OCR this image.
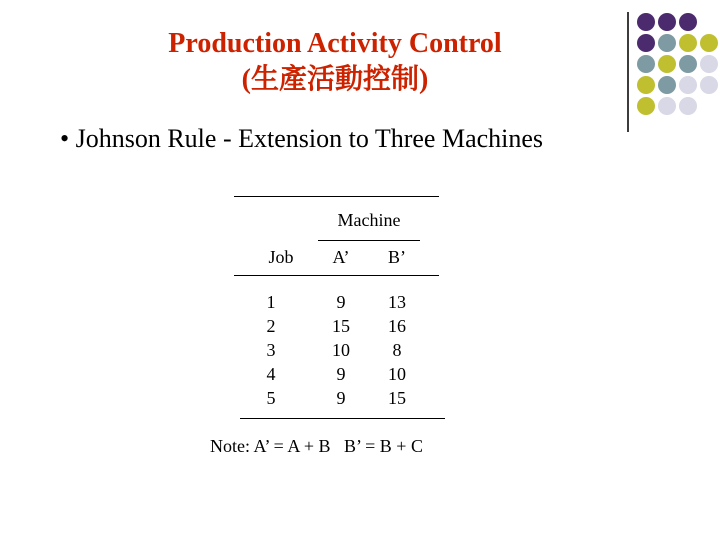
Production Activity Control
(生產活動控制)
• Johnson Rule - Extension to Three Machines
Machine
Job	A’	B’
1	9	13
2	15	16
3	10	8
4	9	10
5	9	15
Note: A’ = A + B   B’ = B + C
